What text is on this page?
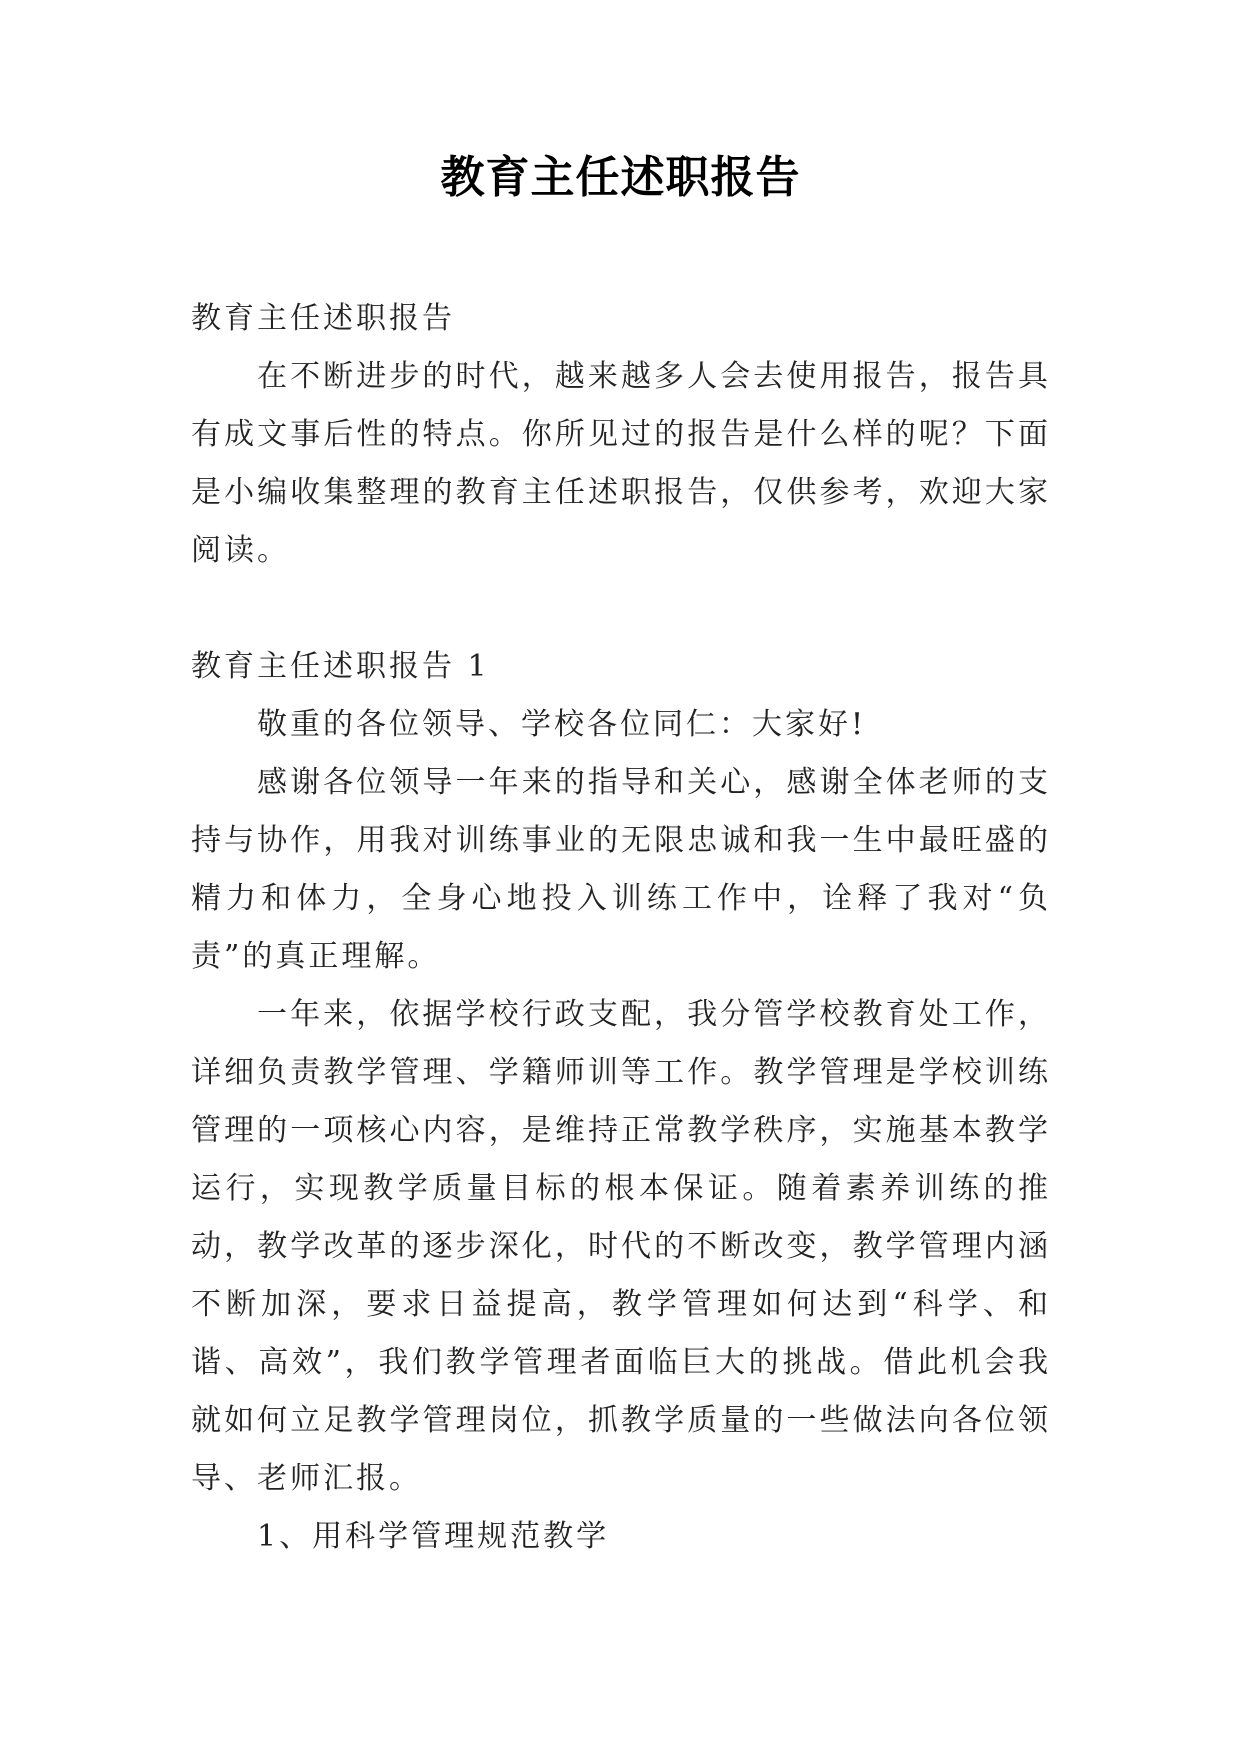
教育主任述职报告

教育主任述职报告

在不断进步的时代，越来越多人会去使用报告，报告具有成文事后性的特点。你所见过的报告是什么样的呢？下面是小编收集整理的教育主任述职报告，仅供参考，欢迎大家阅读。

教育主任述职报告 1

敬重的各位领导、学校各位同仁：大家好!

感谢各位领导一年来的指导和关心，感谢全体老师的支持与协作，用我对训练事业的无限忠诚和我一生中最旺盛的精力和体力，全身心地投入训练工作中，诠释了我对“负责”的真正理解。

一年来，依据学校行政支配，我分管学校教育处工作，详细负责教学管理、学籍师训等工作。教学管理是学校训练管理的一项核心内容，是维持正常教学秩序，实施基本教学运行，实现教学质量目标的根本保证。随着素养训练的推动，教学改革的逐步深化，时代的不断改变，教学管理内涵不断加深，要求日益提高，教学管理如何达到“科学、和谐、高效”，我们教学管理者面临巨大的挑战。借此机会我就如何立足教学管理岗位，抓教学质量的一些做法向各位领导、老师汇报。

1、用科学管理规范教学
